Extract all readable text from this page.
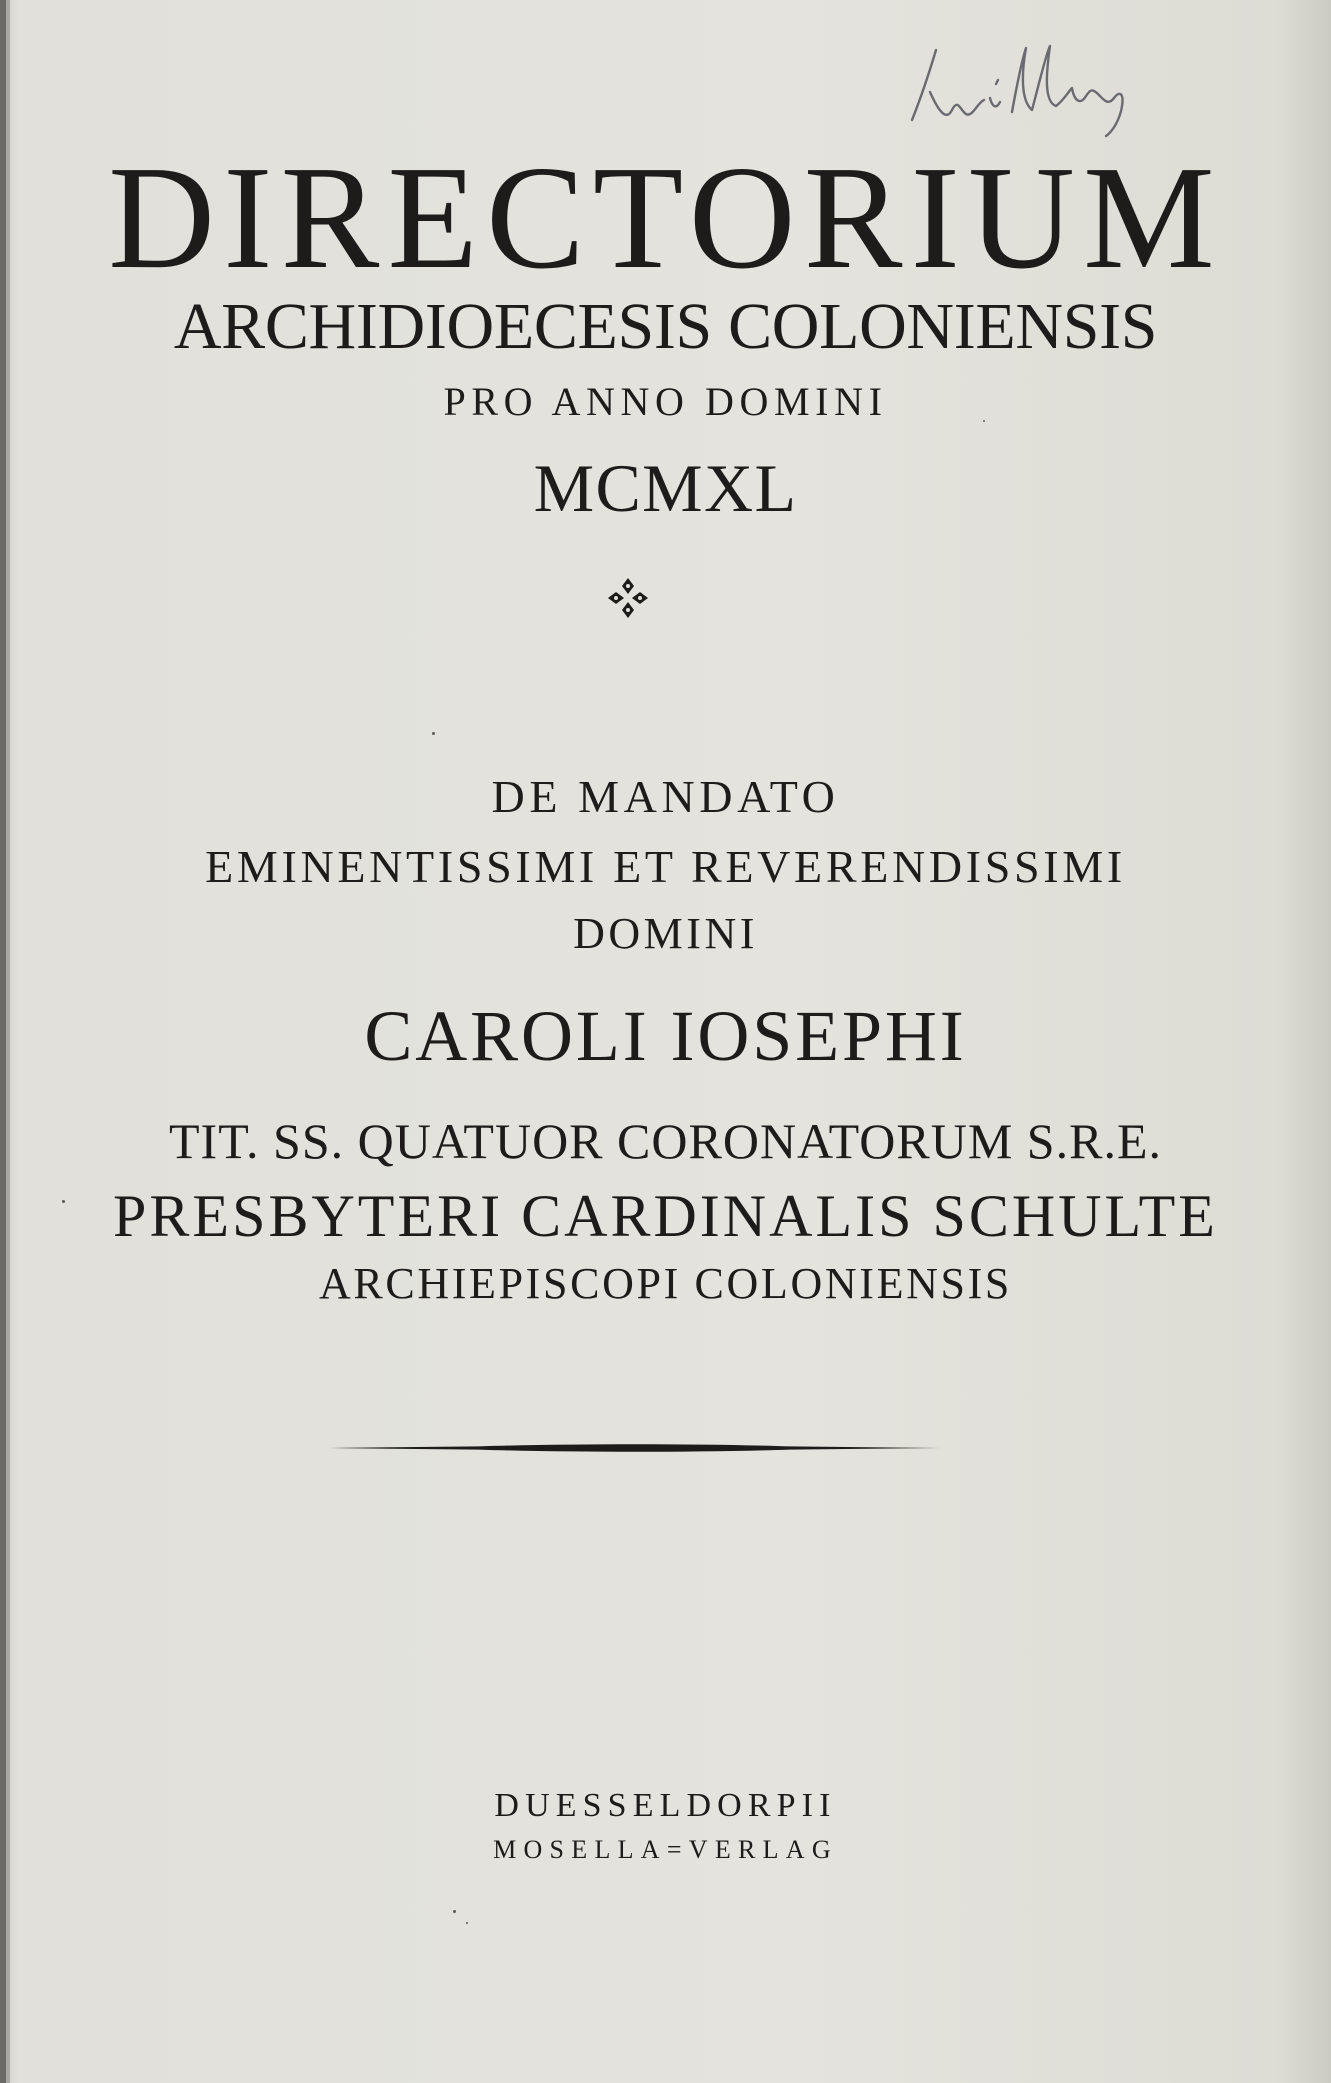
DIRECTORIUM
ARCHIDIOECESIS COLONIENSIS
PRO ANNO DOMINI
MCMXL
DE MANDATO
EMINENTISSIMI ET REVERENDISSIMI
DOMINI
CAROLI IOSEPHI
TIT. SS. QUATUOR CORONATORUM S.R.E.
PRESBYTERI CARDINALIS SCHULTE
ARCHIEPISCOPI COLONIENSIS
DUESSELDORPII
MOSELLA=VERLAG
